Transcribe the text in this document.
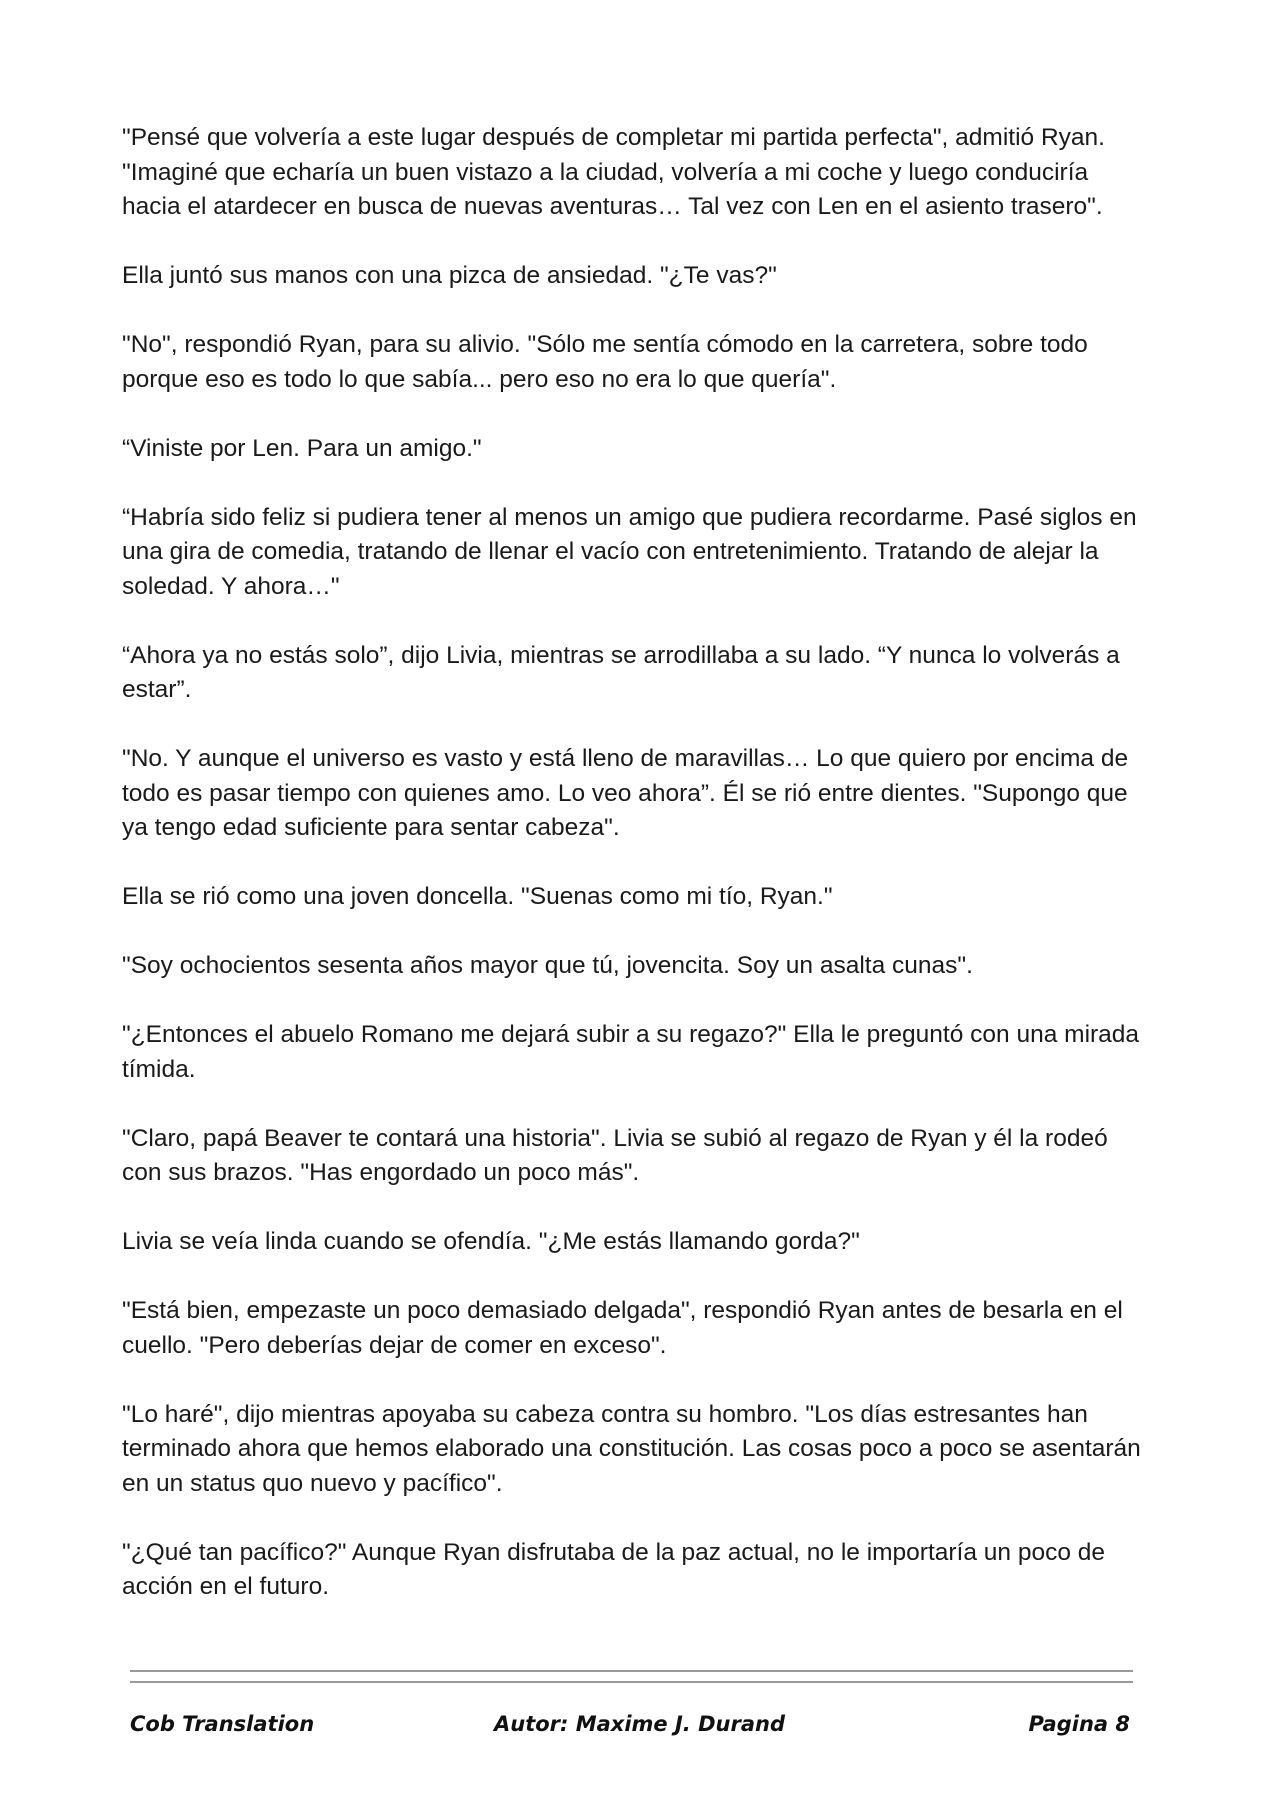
"Pensé que volvería a este lugar después de completar mi partida perfecta", admitió Ryan. "Imaginé que echaría un buen vistazo a la ciudad, volvería a mi coche y luego conduciría hacia el atardecer en busca de nuevas aventuras… Tal vez con Len en el asiento trasero".

Ella juntó sus manos con una pizca de ansiedad. "¿Te vas?"

"No", respondió Ryan, para su alivio. "Sólo me sentía cómodo en la carretera, sobre todo porque eso es todo lo que sabía... pero eso no era lo que quería".

“Viniste por Len. Para un amigo."

“Habría sido feliz si pudiera tener al menos un amigo que pudiera recordarme. Pasé siglos en una gira de comedia, tratando de llenar el vacío con entretenimiento. Tratando de alejar la soledad. Y ahora…"

“Ahora ya no estás solo”, dijo Livia, mientras se arrodillaba a su lado. “Y nunca lo volverás a estar”.

"No. Y aunque el universo es vasto y está lleno de maravillas… Lo que quiero por encima de todo es pasar tiempo con quienes amo. Lo veo ahora”. Él se rió entre dientes. "Supongo que ya tengo edad suficiente para sentar cabeza".

Ella se rió como una joven doncella. "Suenas como mi tío, Ryan."

"Soy ochocientos sesenta años mayor que tú, jovencita. Soy un asalta cunas".

"¿Entonces el abuelo Romano me dejará subir a su regazo?" Ella le preguntó con una mirada tímida.

"Claro, papá Beaver te contará una historia". Livia se subió al regazo de Ryan y él la rodeó con sus brazos. "Has engordado un poco más".

Livia se veía linda cuando se ofendía. "¿Me estás llamando gorda?"

"Está bien, empezaste un poco demasiado delgada", respondió Ryan antes de besarla en el cuello. "Pero deberías dejar de comer en exceso".

"Lo haré", dijo mientras apoyaba su cabeza contra su hombro. "Los días estresantes han terminado ahora que hemos elaborado una constitución. Las cosas poco a poco se asentarán en un status quo nuevo y pacífico".

"¿Qué tan pacífico?" Aunque Ryan disfrutaba de la paz actual, no le importaría un poco de acción en el futuro.

Cob Translation	Autor: Maxime J. Durand	Pagina 8
